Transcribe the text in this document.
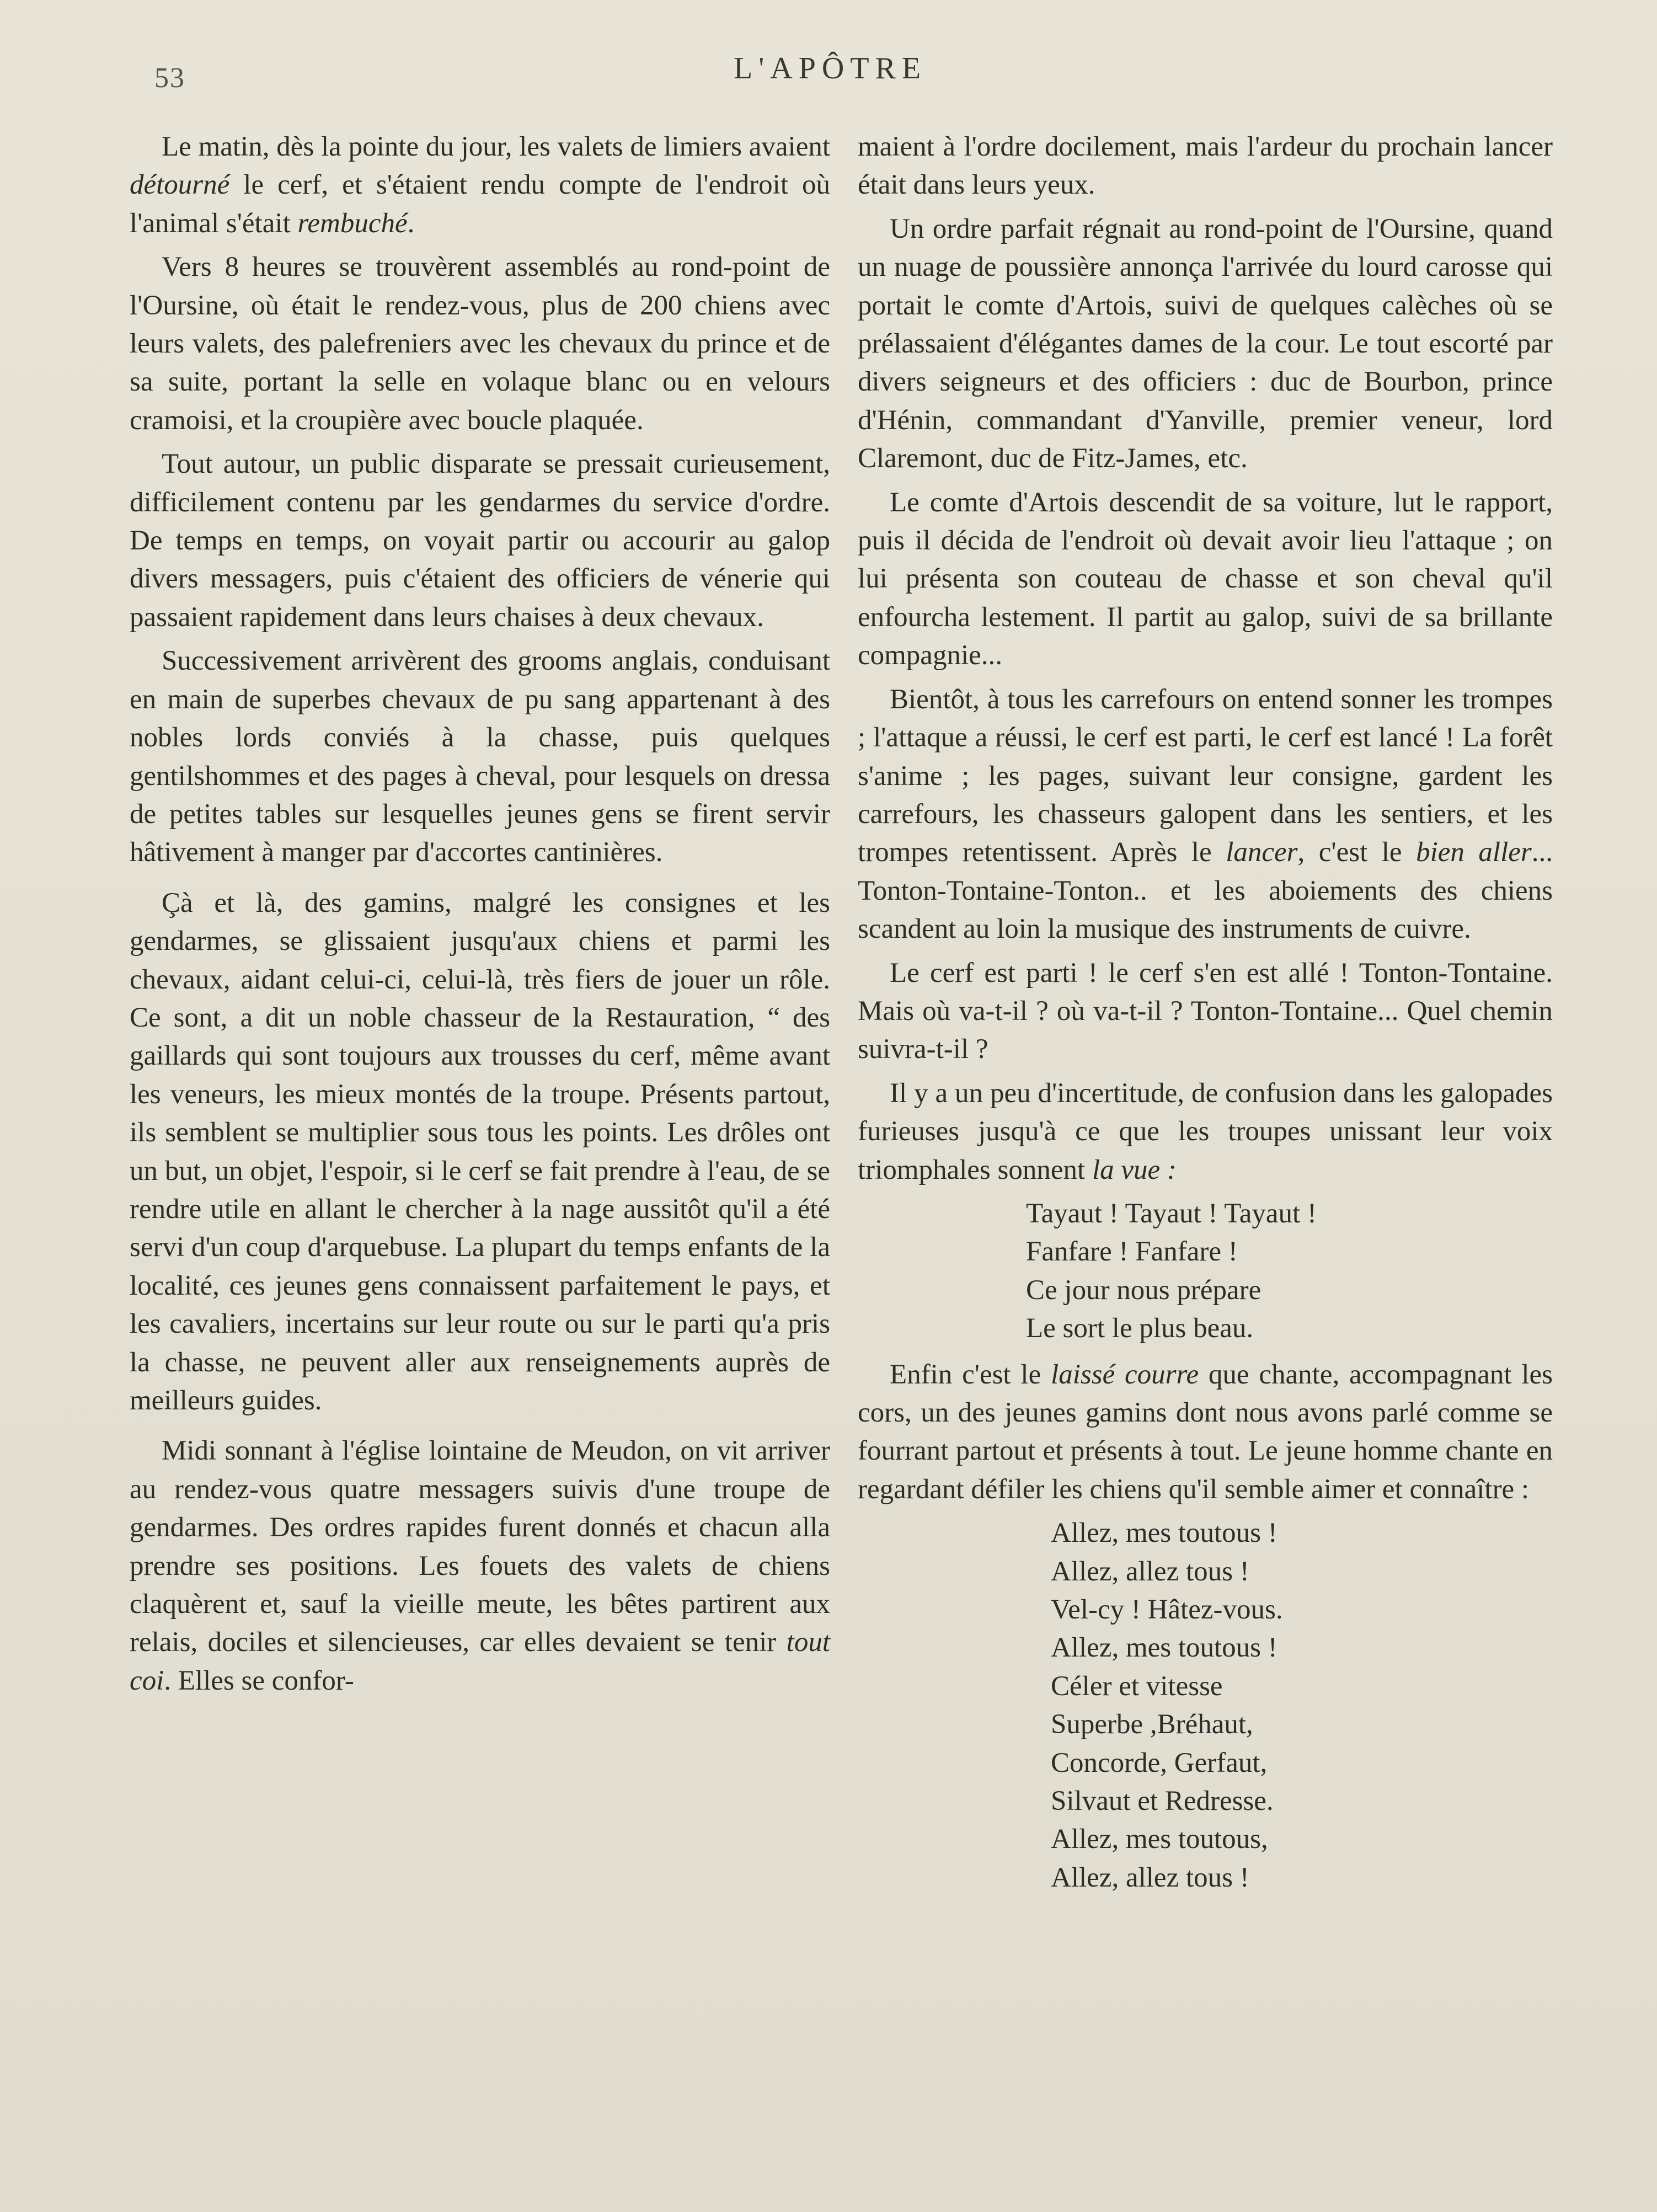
53	L'APÔTRE

Le matin, dès la pointe du jour, les valets de limiers avaient détourné le cerf, et s'étaient rendu compte de l'endroit où l'animal s'était rembuché.

Vers 8 heures se trouvèrent assemblés au rond-point de l'Oursine, où était le rendez-vous, plus de 200 chiens avec leurs valets, des palefreniers avec les chevaux du prince et de sa suite, portant la selle en volaque blanc ou en velours cramoisi, et la croupière avec boucle plaquée.

Tout autour, un public disparate se pressait curieusement, difficilement contenu par les gendarmes du service d'ordre. De temps en temps, on voyait partir ou accourir au galop divers messagers, puis c'étaient des officiers de vénerie qui passaient rapidement dans leurs chaises à deux chevaux.

Successivement arrivèrent des grooms anglais, conduisant en main de superbes chevaux de pu sang appartenant à des nobles lords conviés à la chasse, puis quelques gentilshommes et des pages à cheval, pour lesquels on dressa de petites tables sur lesquelles jeunes gens se firent servir hâtivement à manger par d'accortes cantinières.

Çà et là, des gamins, malgré les consignes et les gendarmes, se glissaient jusqu'aux chiens et parmi les chevaux, aidant celui-ci, celui-là, très fiers de jouer un rôle. Ce sont, a dit un noble chasseur de la Restauration, “ des gaillards qui sont toujours aux trousses du cerf, même avant les veneurs, les mieux montés de la troupe. Présents partout, ils semblent se multiplier sous tous les points. Les drôles ont un but, un objet, l'espoir, si le cerf se fait prendre à l'eau, de se rendre utile en allant le chercher à la nage aussitôt qu'il a été servi d'un coup d'arquebuse. La plupart du temps enfants de la localité, ces jeunes gens connaissent parfaitement le pays, et les cavaliers, incertains sur leur route ou sur le parti qu'a pris la chasse, ne peuvent aller aux renseignements auprès de meilleurs guides.

Midi sonnant à l'église lointaine de Meudon, on vit arriver au rendez-vous quatre messagers suivis d'une troupe de gendarmes. Des ordres rapides furent donnés et chacun alla prendre ses positions. Les fouets des valets de chiens claquèrent et, sauf la vieille meute, les bêtes partirent aux relais, dociles et silencieuses, car elles devaient se tenir tout coi. Elles se confor-

maient à l'ordre docilement, mais l'ardeur du prochain lancer était dans leurs yeux.

Un ordre parfait régnait au rond-point de l'Oursine, quand un nuage de poussière annonça l'arrivée du lourd carosse qui portait le comte d'Artois, suivi de quelques calèches où se prélassaient d'élégantes dames de la cour. Le tout escorté par divers seigneurs et des officiers : duc de Bourbon, prince d'Hénin, commandant d'Yanville, premier veneur, lord Claremont, duc de Fitz-James, etc.

Le comte d'Artois descendit de sa voiture, lut le rapport, puis il décida de l'endroit où devait avoir lieu l'attaque ; on lui présenta son couteau de chasse et son cheval qu'il enfourcha lestement. Il partit au galop, suivi de sa brillante compagnie...

Bientôt, à tous les carrefours on entend sonner les trompes ; l'attaque a réussi, le cerf est parti, le cerf est lancé ! La forêt s'anime ; les pages, suivant leur consigne, gardent les carrefours, les chasseurs galopent dans les sentiers, et les trompes retentissent. Après le lancer, c'est le bien aller... Tonton-Tontaine-Tonton.. et les aboiements des chiens scandent au loin la musique des instruments de cuivre.

Le cerf est parti ! le cerf s'en est allé ! Tonton-Tontaine. Mais où va-t-il ? où va-t-il ? Tonton-Tontaine... Quel chemin suivra-t-il ?

Il y a un peu d'incertitude, de confusion dans les galopades furieuses jusqu'à ce que les troupes unissant leur voix triomphales sonnent la vue :

Tayaut ! Tayaut ! Tayaut !
Fanfare ! Fanfare !
Ce jour nous prépare
Le sort le plus beau.

Enfin c'est le laissé courre que chante, accompagnant les cors, un des jeunes gamins dont nous avons parlé comme se fourrant partout et présents à tout. Le jeune homme chante en regardant défiler les chiens qu'il semble aimer et connaître :

Allez, mes toutous !
Allez, allez tous !
Vel-cy ! Hâtez-vous.
Allez, mes toutous !
Céler et vitesse
Superbe ,Bréhaut,
Concorde, Gerfaut,
Silvaut et Redresse.
Allez, mes toutous,
Allez, allez tous !
